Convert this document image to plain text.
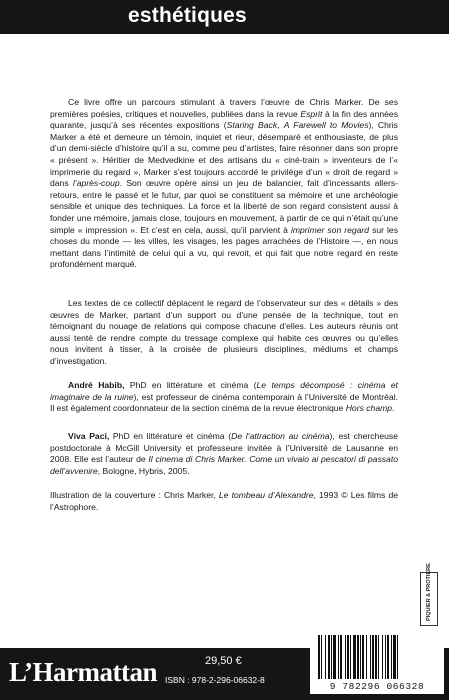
esthétiques

Ce livre offre un parcours stimulant à travers l’œuvre de Chris Marker. De ses premières poésies, critiques et nouvelles, publiées dans la revue Esprit à la fin des années quarante, jusqu’à ses récentes expositions (Staring Back, A Farewell to Movies), Chris Marker a été et demeure un témoin, inquiet et rieur, désemparé et enthousiaste, de plus d’un demi-siècle d’histoire qu’il a su, comme peu d’artistes, faire résonner dans son propre « présent ». Héritier de Medvedkine et des artisans du « ciné-train » inventeurs de l’« imprimerie du regard », Marker s’est toujours accordé le privilège d’un « droit de regard » dans l’après-coup. Son œuvre opère ainsi un jeu de balancier, fait d’incessants allers-retours, entre le passé et le futur, par quoi se constituent sa mémoire et une archéologie sensible et unique des techniques. La force et la liberté de son regard consistent aussi à fonder une mémoire, jamais close, toujours en mouvement, à partir de ce qui n’était qu’une simple « impression ». Et c’est en cela, aussi, qu’il parvient à imprimer son regard sur les choses du monde — les villes, les visages, les pages arrachées de l’Histoire —, en nous mettant dans l’intimité de celui qui a vu, qui revoit, et qui fait que notre regard en reste profondément marqué.

Les textes de ce collectif déplacent le regard de l’observateur sur des « détails » des œuvres de Marker, partant d’un support ou d’une pensée de la technique, tout en témoignant du nouage de relations qui compose chacune d’elles. Les auteurs réunis ont aussi tenté de rendre compte du tressage complexe qui habite ces œuvres ou qu’elles nous invitent à tisser, à la croisée de plusieurs disciplines, médiums et champs d’investigation.

André Habib, PhD en littérature et cinéma (Le temps décomposé : cinéma et imaginaire de la ruine), est professeur de cinéma contemporain à l’Université de Montréal. Il est également coordonnateur de la section cinéma de la revue électronique Hors champ.

Viva Paci, PhD en littérature et cinéma (De l’attraction au cinéma), est chercheuse postdoctorale à McGill University et professeure invitée à l’Université de Lausanne en 2008. Elle est l’auteur de Il cinema di Chris Marker. Come un vivaio ai pescatori di passato dell’avvenire, Bologne, Hybris, 2005.

Illustration de la couverture : Chris Marker, Le tombeau d’Alexandre, 1993 © Les films de l’Astrophore.

PIQUIER & PROTIERE
L’Harmattan	29,50 €
ISBN : 978-2-296-06632-8
9 782296 066328
